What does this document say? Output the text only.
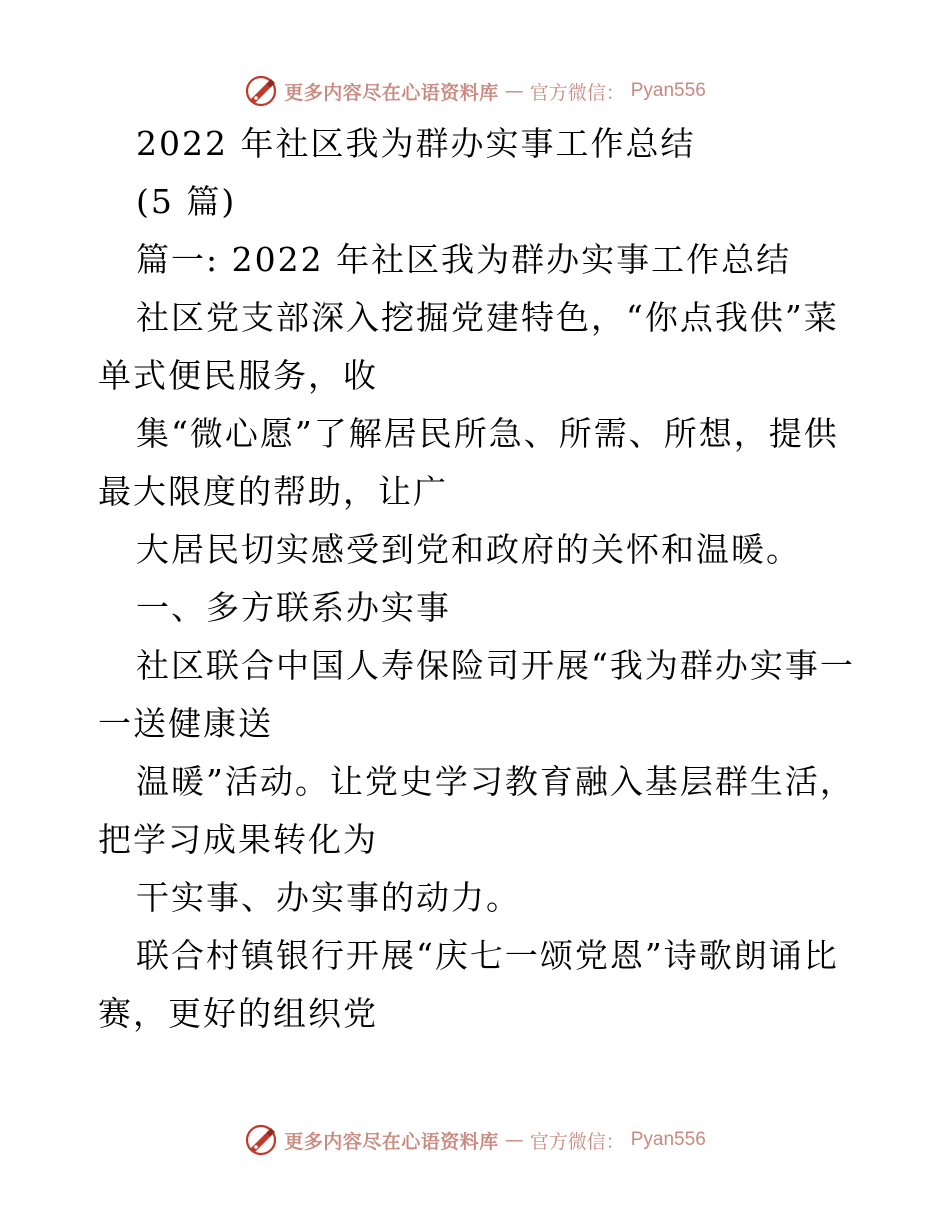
更多内容尽在心语资料库 — 官方微信： Pyan556
2022 年社区我为群办实事工作总结
(5 篇)
篇一: 2022 年社区我为群办实事工作总结
社区党支部深入挖掘党建特色，“你点我供”菜
单式便民服务，收
集“微心愿”了解居民所急、所需、所想，提供
最大限度的帮助，让广
大居民切实感受到党和政府的关怀和温暖。
一、多方联系办实事
社区联合中国人寿保险司开展“我为群办实事一
一送健康送
温暖”活动。让党史学习教育融入基层群生活，
把学习成果转化为
干实事、办实事的动力。
联合村镇银行开展“庆七一颂党恩”诗歌朗诵比
赛，更好的组织党
更多内容尽在心语资料库 — 官方微信： Pyan556
